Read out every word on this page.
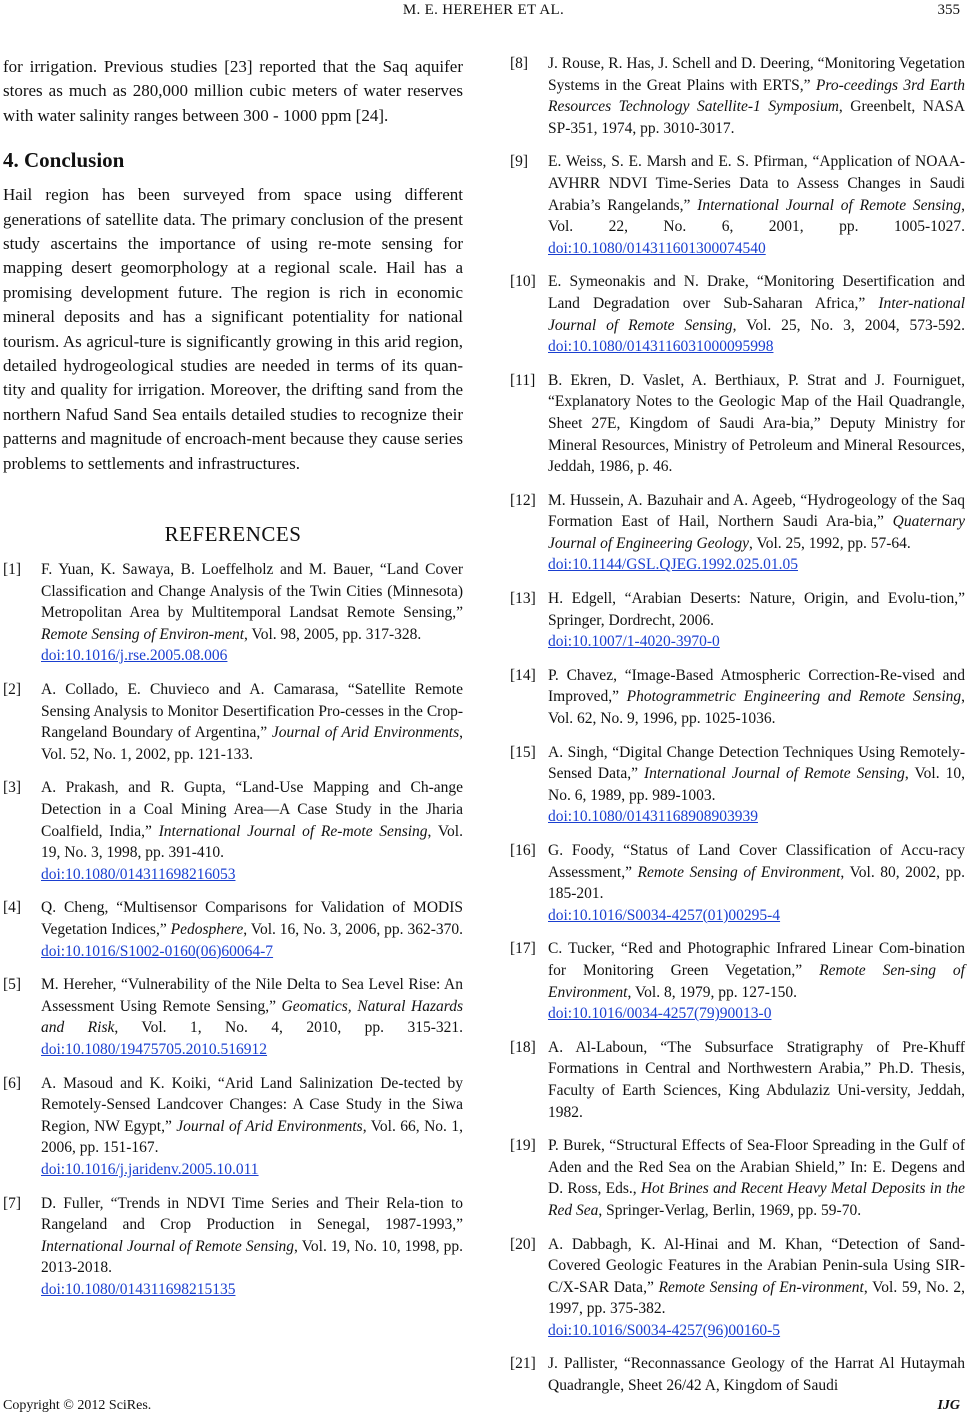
M. E. HEREHER ET AL.	355

for irrigation. Previous studies [23] reported that the Saq aquifer stores as much as 280,000 million cubic meters of water reserves with water salinity ranges between 300 - 1000 ppm [24].

4. Conclusion

Hail region has been surveyed from space using different generations of satellite data. The primary conclusion of the present study ascertains the importance of using re-mote sensing for mapping desert geomorphology at a regional scale. Hail has a promising development future. The region is rich in economic mineral deposits and has a significant potentiality for national tourism. As agricul-ture is significantly growing in this arid region, detailed hydrogeological studies are needed in terms of its quan-tity and quality for irrigation. Moreover, the drifting sand from the northern Nafud Sand Sea entails detailed studies to recognize their patterns and magnitude of encroach-ment because they cause series problems to settlements and infrastructures.

REFERENCES
[1]	F. Yuan, K. Sawaya, B. Loeffelholz and M. Bauer, “Land Cover Classification and Change Analysis of the Twin Cities (Minnesota) Metropolitan Area by Multitemporal Landsat Remote Sensing,” Remote Sensing of Environ-ment, Vol. 98, 2005, pp. 317-328.
doi:10.1016/j.rse.2005.08.006
[2]	A. Collado, E. Chuvieco and A. Camarasa, “Satellite Remote Sensing Analysis to Monitor Desertification Pro-cesses in the Crop-Rangeland Boundary of Argentina,” Journal of Arid Environments, Vol. 52, No. 1, 2002, pp. 121-133.
[3]	A. Prakash, and R. Gupta, “Land-Use Mapping and Ch-ange Detection in a Coal Mining Area—A Case Study in the Jharia Coalfield, India,” International Journal of Re-mote Sensing, Vol. 19, No. 3, 1998, pp. 391-410.
doi:10.1080/014311698216053
[4]	Q. Cheng, “Multisensor Comparisons for Validation of MODIS Vegetation Indices,” Pedosphere, Vol. 16, No. 3, 2006, pp. 362-370. doi:10.1016/S1002-0160(06)60064-7
[5]	M. Hereher, “Vulnerability of the Nile Delta to Sea Level Rise: An Assessment Using Remote Sensing,” Geomatics, Natural Hazards and Risk, Vol. 1, No. 4, 2010, pp. 315-321. doi:10.1080/19475705.2010.516912
[6]	A. Masoud and K. Koiki, “Arid Land Salinization De-tected by Remotely-Sensed Landcover Changes: A Case Study in the Siwa Region, NW Egypt,” Journal of Arid Environments, Vol. 66, No. 1, 2006, pp. 151-167.
doi:10.1016/j.jaridenv.2005.10.011
[7]	D. Fuller, “Trends in NDVI Time Series and Their Rela-tion to Rangeland and Crop Production in Senegal, 1987-1993,” International Journal of Remote Sensing, Vol. 19, No. 10, 1998, pp. 2013-2018.
doi:10.1080/014311698215135
[8]	J. Rouse, R. Has, J. Schell and D. Deering, “Monitoring Vegetation Systems in the Great Plains with ERTS,” Pro-ceedings 3rd Earth Resources Technology Satellite-1 Symposium, Greenbelt, NASA SP-351, 1974, pp. 3010-3017.
[9]	E. Weiss, S. E. Marsh and E. S. Pfirman, “Application of NOAA-AVHRR NDVI Time-Series Data to Assess Changes in Saudi Arabia’s Rangelands,” International Journal of Remote Sensing, Vol. 22, No. 6, 2001, pp. 1005-1027. doi:10.1080/014311601300074540
[10] E. Symeonakis and N. Drake, “Monitoring Desertification and Land Degradation over Sub-Saharan Africa,” Inter-national Journal of Remote Sensing, Vol. 25, No. 3, 2004, 573-592. doi:10.1080/0143116031000095998
[11] B. Ekren, D. Vaslet, A. Berthiaux, P. Strat and J. Fourniguet, “Explanatory Notes to the Geologic Map of the Hail Quadrangle, Sheet 27E, Kingdom of Saudi Ara-bia,” Deputy Ministry for Mineral Resources, Ministry of Petroleum and Mineral Resources, Jeddah, 1986, p. 46.
[12] M. Hussein, A. Bazuhair and A. Ageeb, “Hydrogeology of the Saq Formation East of Hail, Northern Saudi Ara-bia,” Quaternary Journal of Engineering Geology, Vol. 25, 1992, pp. 57-64.
doi:10.1144/GSL.QJEG.1992.025.01.05
[13] H. Edgell, “Arabian Deserts: Nature, Origin, and Evolu-tion,” Springer, Dordrecht, 2006.
doi:10.1007/1-4020-3970-0
[14] P. Chavez, “Image-Based Atmospheric Correction-Re-vised and Improved,” Photogrammetric Engineering and Remote Sensing, Vol. 62, No. 9, 1996, pp. 1025-1036.
[15] A. Singh, “Digital Change Detection Techniques Using Remotely-Sensed Data,” International Journal of Remote Sensing, Vol. 10, No. 6, 1989, pp. 989-1003.
doi:10.1080/01431168908903939
[16] G. Foody, “Status of Land Cover Classification of Accu-racy Assessment,” Remote Sensing of Environment, Vol. 80, 2002, pp. 185-201.
doi:10.1016/S0034-4257(01)00295-4
[17] C. Tucker, “Red and Photographic Infrared Linear Com-bination for Monitoring Green Vegetation,” Remote Sen-sing of Environment, Vol. 8, 1979, pp. 127-150.
doi:10.1016/0034-4257(79)90013-0
[18] A. Al-Laboun, “The Subsurface Stratigraphy of Pre-Khuff Formations in Central and Northwestern Arabia,” Ph.D. Thesis, Faculty of Earth Sciences, King Abdulaziz Uni-versity, Jeddah, 1982.
[19] P. Burek, “Structural Effects of Sea-Floor Spreading in the Gulf of Aden and the Red Sea on the Arabian Shield,” In: E. Degens and D. Ross, Eds., Hot Brines and Recent Heavy Metal Deposits in the Red Sea, Springer-Verlag, Berlin, 1969, pp. 59-70.
[20] A. Dabbagh, K. Al-Hinai and M. Khan, “Detection of Sand-Covered Geologic Features in the Arabian Penin-sula Using SIR-C/X-SAR Data,” Remote Sensing of En-vironment, Vol. 59, No. 2, 1997, pp. 375-382.
doi:10.1016/S0034-4257(96)00160-5
[21] J. Pallister, “Reconnassance Geology of the Harrat Al Hutaymah Quadrangle, Sheet 26/42 A, Kingdom of Saudi
Copyright © 2012 SciRes.	IJG
